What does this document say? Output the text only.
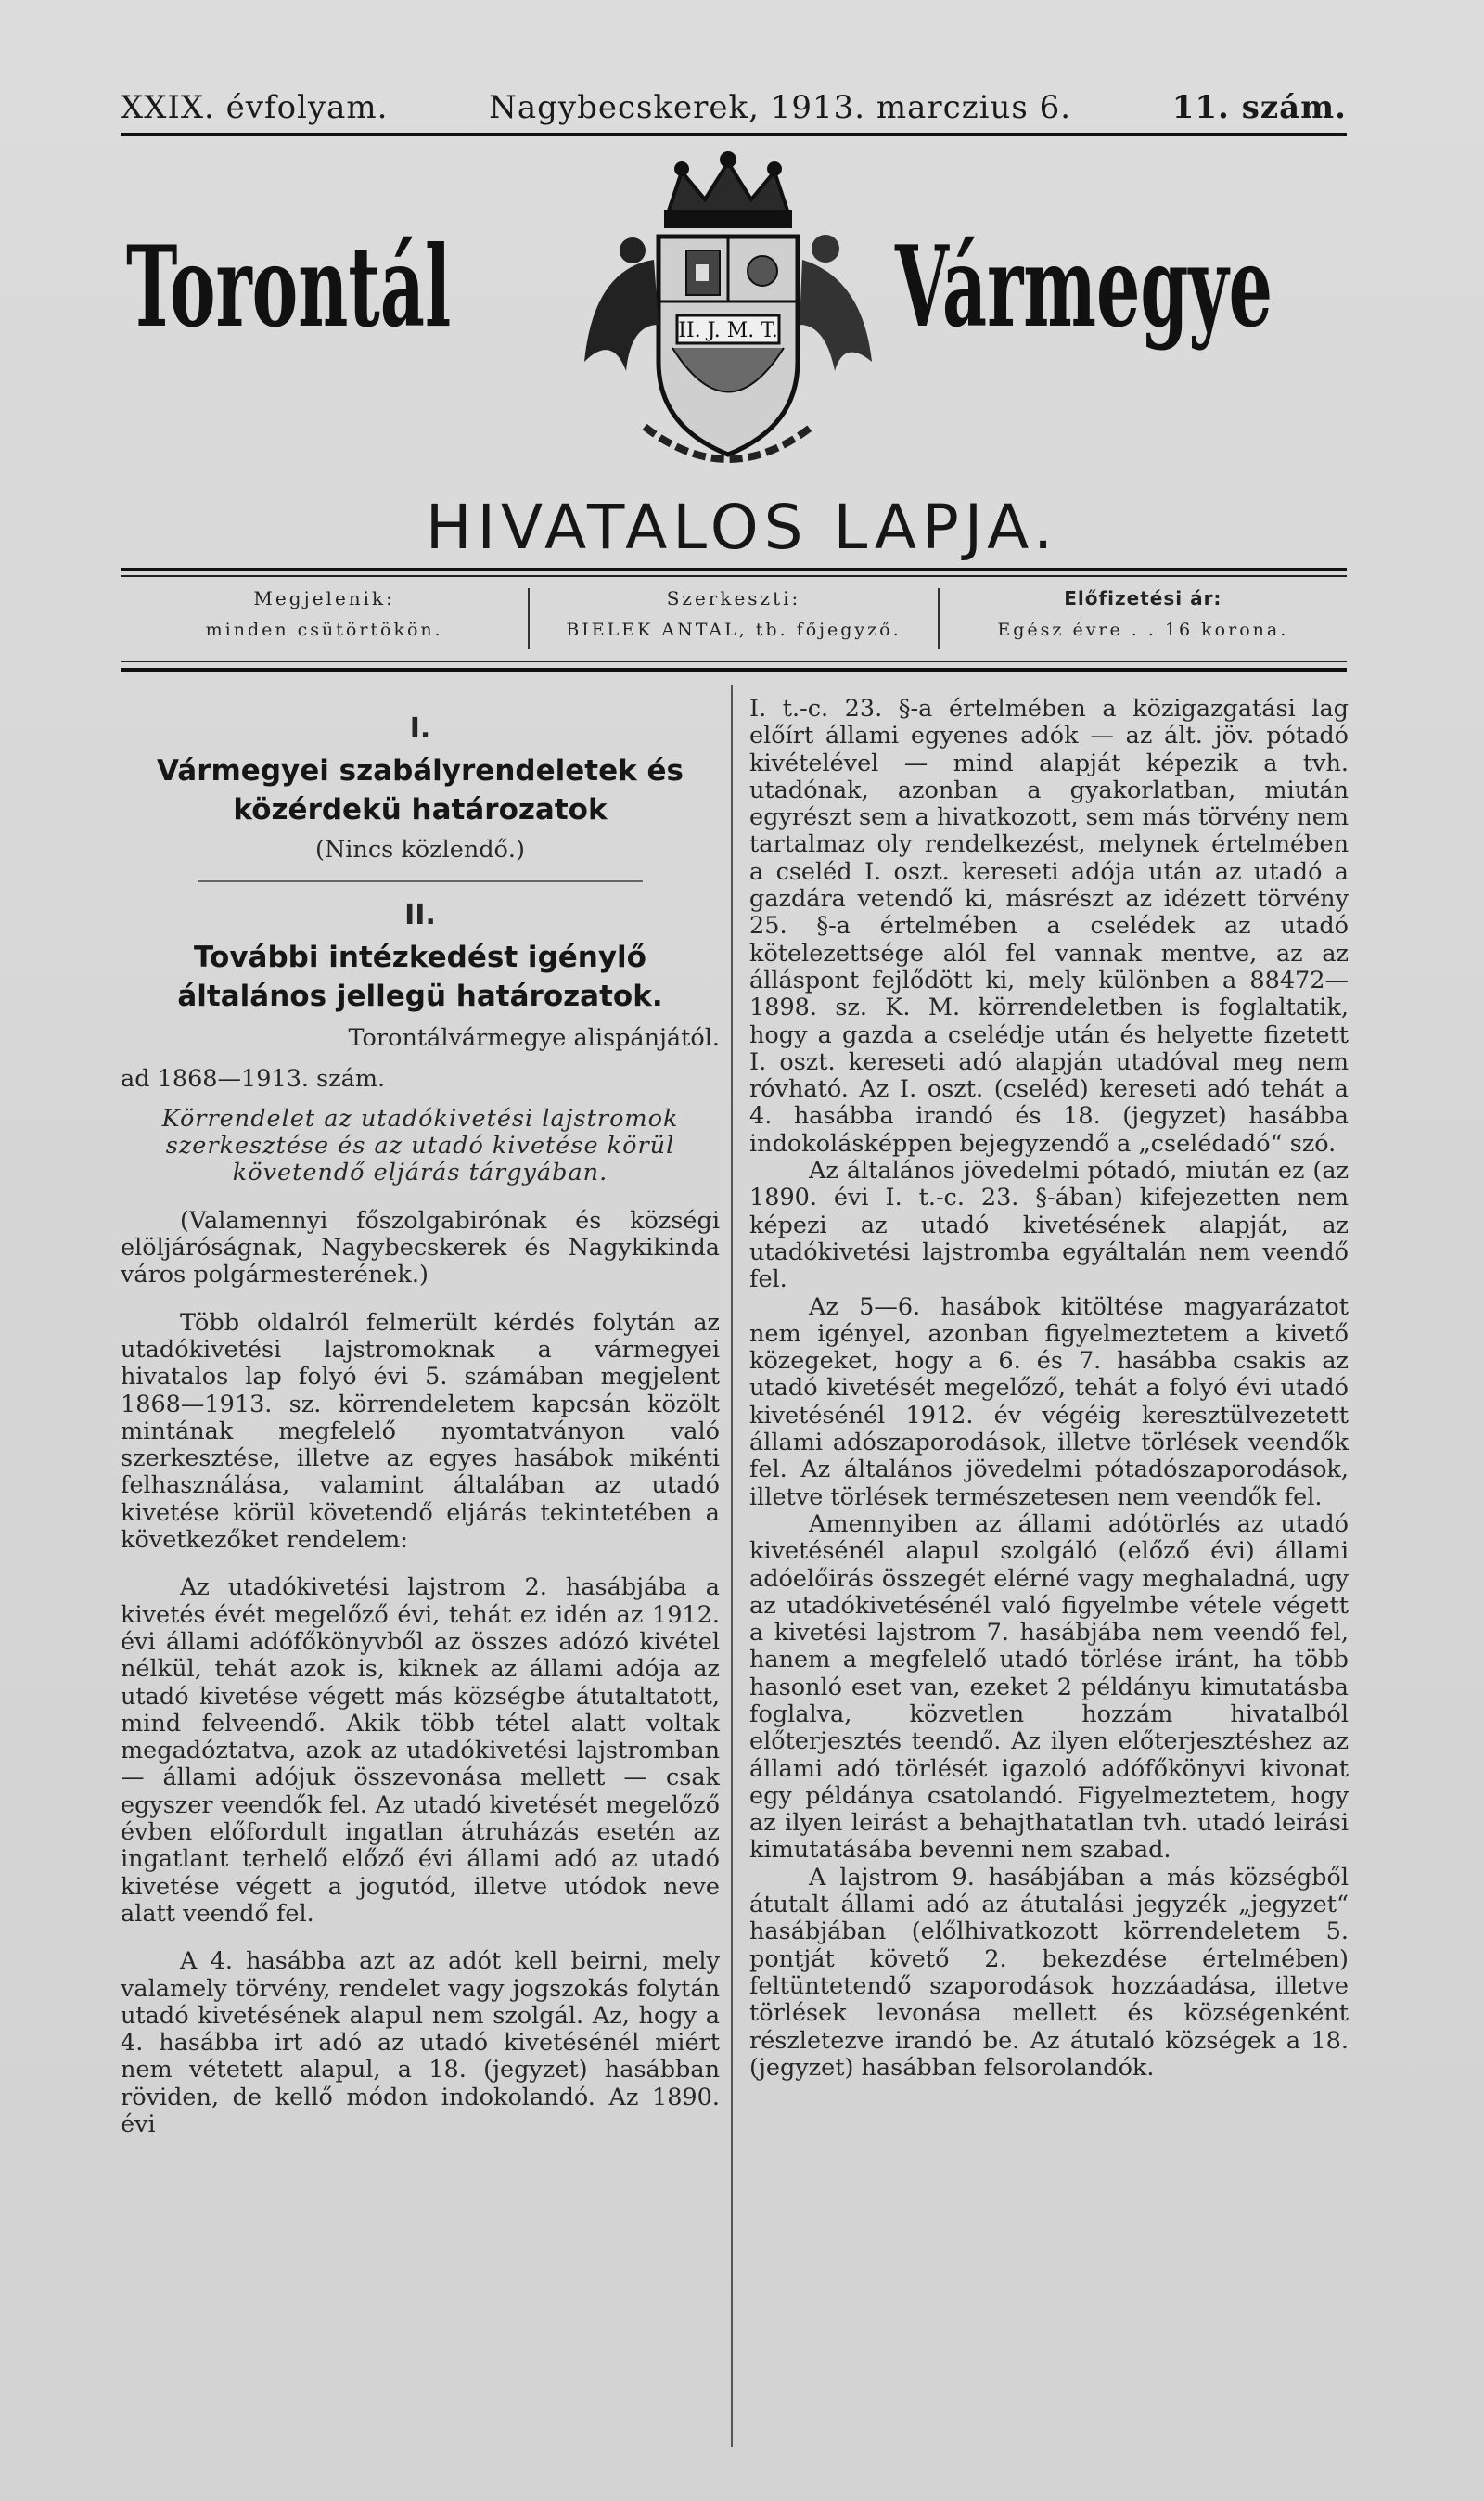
XXIX. évfolyam.	Nagybecskerek, 1913. marczius 6.	11. szám.
Torontál	Vármegye
II. J. M. T.
HIVATALOS LAPJA.
Megjelenik:
minden csütörtökön.
Szerkeszti:
BIELEK ANTAL, tb. főjegyző.
Előfizetési ár:
Egész évre . . 16 korona.
I.
Vármegyei szabályrendeletek és közérdekü határozatok

(Nincs közlendő.)

II.
További intézkedést igénylő általános jellegü határozatok.

Torontálvármegye alispánjától.

ad 1868—1913. szám.

Körrendelet az utadókivetési lajstromok szerkesztése és az utadó kivetése körül követendő eljárás tárgyában.

(Valamennyi főszolgabirónak és községi elöljáróságnak, Nagybecskerek és Nagykikinda város polgármesterének.)

Több oldalról felmerült kérdés folytán az utadókivetési lajstromoknak a vármegyei hivatalos lap folyó évi 5. számában megjelent 1868—1913. sz. körrendeletem kapcsán közölt mintának megfelelő nyomtatványon való szerkesztése, illetve az egyes hasábok mikénti felhasználása, valamint általában az utadó kivetése körül követendő eljárás tekintetében a következőket rendelem:

Az utadókivetési lajstrom 2. hasábjába a kivetés évét megelőző évi, tehát ez idén az 1912. évi állami adófőkönyvből az összes adózó kivétel nélkül, tehát azok is, kiknek az állami adója az utadó kivetése végett más községbe átutaltatott, mind felveendő. Akik több tétel alatt voltak megadóztatva, azok az utadókivetési lajstromban — állami adójuk összevonása mellett — csak egyszer veendők fel. Az utadó kivetését megelőző évben előfordult ingatlan átruházás esetén az ingatlant terhelő előző évi állami adó az utadó kivetése végett a jogutód, illetve utódok neve alatt veendő fel.

A 4. hasábba azt az adót kell beirni, mely valamely törvény, rendelet vagy jogszokás folytán utadó kivetésének alapul nem szolgál. Az, hogy a 4. hasábba irt adó az utadó kivetésénél miért nem vétetett alapul, a 18. (jegyzet) hasábban röviden, de kellő módon indokolandó. Az 1890. évi

I. t.-c. 23. §-a értelmében a közigazgatási lag előírt állami egyenes adók — az ált. jöv. pótadó kivételével — mind alapját képezik a tvh. utadónak, azonban a gyakorlatban, miután egyrészt sem a hivatkozott, sem más törvény nem tartalmaz oly rendelkezést, melynek értelmében a cseléd I. oszt. kereseti adója után az utadó a gazdára vetendő ki, másrészt az idézett törvény 25. §-a értelmében a cselédek az utadó kötelezettsége alól fel vannak mentve, az az álláspont fejlődött ki, mely különben a 88472—1898. sz. K. M. körrendeletben is foglaltatik, hogy a gazda a cselédje után és helyette fizetett I. oszt. kereseti adó alapján utadóval meg nem róvható. Az I. oszt. (cseléd) kereseti adó tehát a 4. hasábba irandó és 18. (jegyzet) hasábba indokolásképpen bejegyzendő a „cselédadó“ szó.

Az általános jövedelmi pótadó, miután ez (az 1890. évi I. t.-c. 23. §-ában) kifejezetten nem képezi az utadó kivetésének alapját, az utadókivetési lajstromba egyáltalán nem veendő fel.

Az 5—6. hasábok kitöltése magyarázatot nem igényel, azonban figyelmeztetem a kivető közegeket, hogy a 6. és 7. hasábba csakis az utadó kivetését megelőző, tehát a folyó évi utadó kivetésénél 1912. év végéig keresztülvezetett állami adószaporodások, illetve törlések veendők fel. Az általános jövedelmi pótadószaporodások, illetve törlések természetesen nem veendők fel.

Amennyiben az állami adótörlés az utadó kivetésénél alapul szolgáló (előző évi) állami adóelőirás összegét elérné vagy meghaladná, ugy az utadókivetésénél való figyelmbe vétele végett a kivetési lajstrom 7. hasábjába nem veendő fel, hanem a megfelelő utadó törlése iránt, ha több hasonló eset van, ezeket 2 példányu kimutatásba foglalva, közvetlen hozzám hivatalból előterjesztés teendő. Az ilyen előterjesztéshez az állami adó törlését igazoló adófőkönyvi kivonat egy példánya csatolandó. Figyelmeztetem, hogy az ilyen leirást a behajthatatlan tvh. utadó leirási kimutatásába bevenni nem szabad.

A lajstrom 9. hasábjában a más községből átutalt állami adó az átutalási jegyzék „jegyzet“ hasábjában (előlhivatkozott körrendeletem 5. pontját követő 2. bekezdése értelmében) feltüntetendő szaporodások hozzáadása, illetve törlések levonása mellett és községenként részletezve irandó be. Az átutaló községek a 18. (jegyzet) hasábban felsorolandók.
